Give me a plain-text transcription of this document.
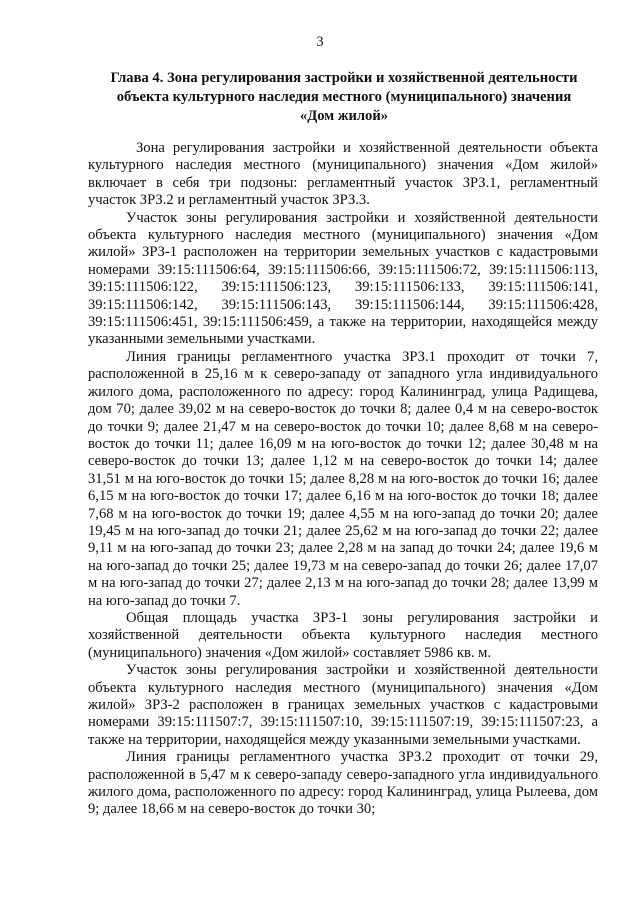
3
Глава 4. Зона регулирования застройки и хозяйственной деятельности
объекта культурного наследия местного (муниципального) значения
«Дом жилой»

Зона регулирования застройки и хозяйственной деятельности объекта культурного наследия местного (муниципального) значения «Дом жилой» включает в себя три подзоны: регламентный участок ЗРЗ.1, регламентный участок ЗРЗ.2 и регламентный участок ЗРЗ.3.

Участок зоны регулирования застройки и хозяйственной деятельности объекта культурного наследия местного (муниципального) значения «Дом жилой» ЗРЗ-1 расположен на территории земельных участков с кадастровыми номерами 39:15:111506:64, 39:15:111506:66, 39:15:111506:72, 39:15:111506:113, 39:15:111506:122, 39:15:111506:123, 39:15:111506:133, 39:15:111506:141, 39:15:111506:142, 39:15:111506:143, 39:15:111506:144, 39:15:111506:428, 39:15:111506:451, 39:15:111506:459, а также на территории, находящейся между указанными земельными участками.

Линия границы регламентного участка ЗРЗ.1 проходит от точки 7, расположенной в 25,16 м к северо-западу от западного угла индивидуального жилого дома, расположенного по адресу: город Калининград, улица Радищева, дом 70; далее 39,02 м на северо-восток до точки 8; далее 0,4 м на северо-восток до точки 9; далее 21,47 м на северо-восток до точки 10; далее 8,68 м на северо-восток до точки 11; далее 16,09 м на юго-восток до точки 12; далее 30,48 м на северо-восток до точки 13; далее 1,12 м на северо-восток до точки 14; далее 31,51 м на юго-восток до точки 15; далее 8,28 м на юго-восток до точки 16; далее 6,15 м на юго-восток до точки 17; далее 6,16 м на юго-восток до точки 18; далее 7,68 м на юго-восток до точки 19; далее 4,55 м на юго-запад до точки 20; далее 19,45 м на юго-запад до точки 21; далее 25,62 м на юго-запад до точки 22; далее 9,11 м на юго-запад до точки 23; далее 2,28 м на запад до точки 24; далее 19,6 м на юго-запад до точки 25; далее 19,73 м на северо-запад до точки 26; далее 17,07 м на юго-запад до точки 27; далее 2,13 м на юго-запад до точки 28; далее 13,99 м на юго-запад до точки 7.

Общая площадь участка ЗРЗ-1 зоны регулирования застройки и хозяйственной деятельности объекта культурного наследия местного (муниципального) значения «Дом жилой» составляет 5986 кв. м.

Участок зоны регулирования застройки и хозяйственной деятельности объекта культурного наследия местного (муниципального) значения «Дом жилой» ЗРЗ-2 расположен в границах земельных участков с кадастровыми номерами 39:15:111507:7, 39:15:111507:10, 39:15:111507:19, 39:15:111507:23, а также на территории, находящейся между указанными земельными участками.

Линия границы регламентного участка ЗРЗ.2 проходит от точки 29, расположенной в 5,47 м к северо-западу северо-западного угла индивидуального жилого дома, расположенного по адресу: город Калининград, улица Рылеева, дом 9; далее 18,66 м на северо-восток до точки 30;
